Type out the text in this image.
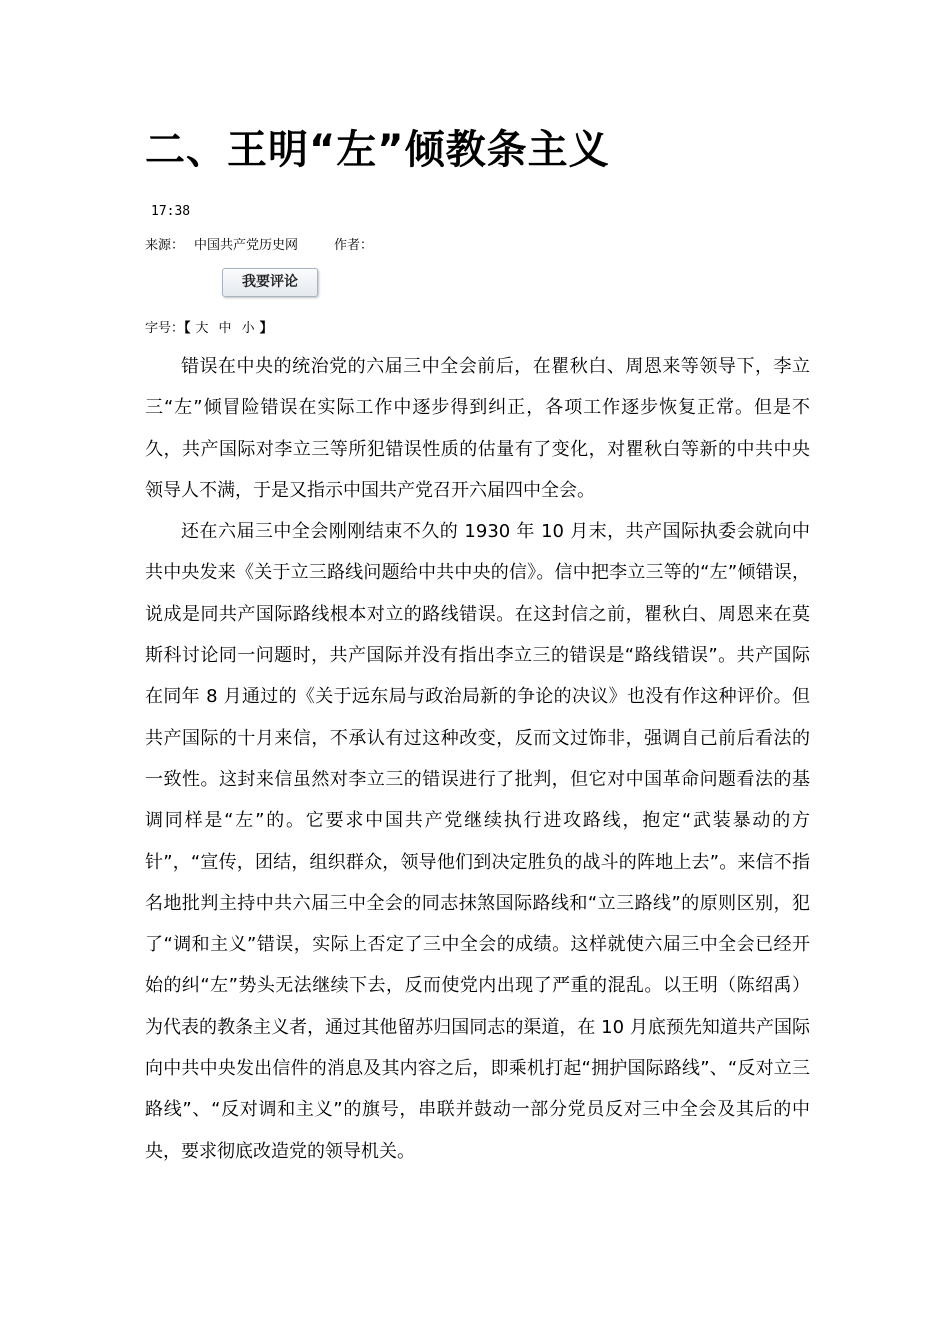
二、王明“左”倾教条主义
17:38
来源： 中国共产党历史网	作者：
我要评论
字号：【 大 中 小 】

错误在中央的统治党的六届三中全会前后，在瞿秋白、周恩来等领导下，李立三“左”倾冒险错误在实际工作中逐步得到纠正，各项工作逐步恢复正常。但是不久，共产国际对李立三等所犯错误性质的估量有了变化，对瞿秋白等新的中共中央领导人不满，于是又指示中国共产党召开六届四中全会。

还在六届三中全会刚刚结束不久的 1930 年 10 月末，共产国际执委会就向中共中央发来《关于立三路线问题给中共中央的信》。信中把李立三等的“左”倾错误，说成是同共产国际路线根本对立的路线错误。在这封信之前，瞿秋白、周恩来在莫斯科讨论同一问题时，共产国际并没有指出李立三的错误是“路线错误”。共产国际在同年 8 月通过的《关于远东局与政治局新的争论的决议》也没有作这种评价。但共产国际的十月来信，不承认有过这种改变，反而文过饰非，强调自己前后看法的一致性。这封来信虽然对李立三的错误进行了批判，但它对中国革命问题看法的基调同样是“左”的。它要求中国共产党继续执行进攻路线，抱定“武装暴动的方针”，“宣传，团结，组织群众，领导他们到决定胜负的战斗的阵地上去”。来信不指名地批判主持中共六届三中全会的同志抹煞国际路线和“立三路线”的原则区别，犯了“调和主义”错误，实际上否定了三中全会的成绩。这样就使六届三中全会已经开始的纠“左”势头无法继续下去，反而使党内出现了严重的混乱。以王明（陈绍禹）为代表的教条主义者，通过其他留苏归国同志的渠道，在 10 月底预先知道共产国际向中共中央发出信件的消息及其内容之后，即乘机打起“拥护国际路线”、“反对立三路线”、“反对调和主义”的旗号，串联并鼓动一部分党员反对三中全会及其后的中央，要求彻底改造党的领导机关。
